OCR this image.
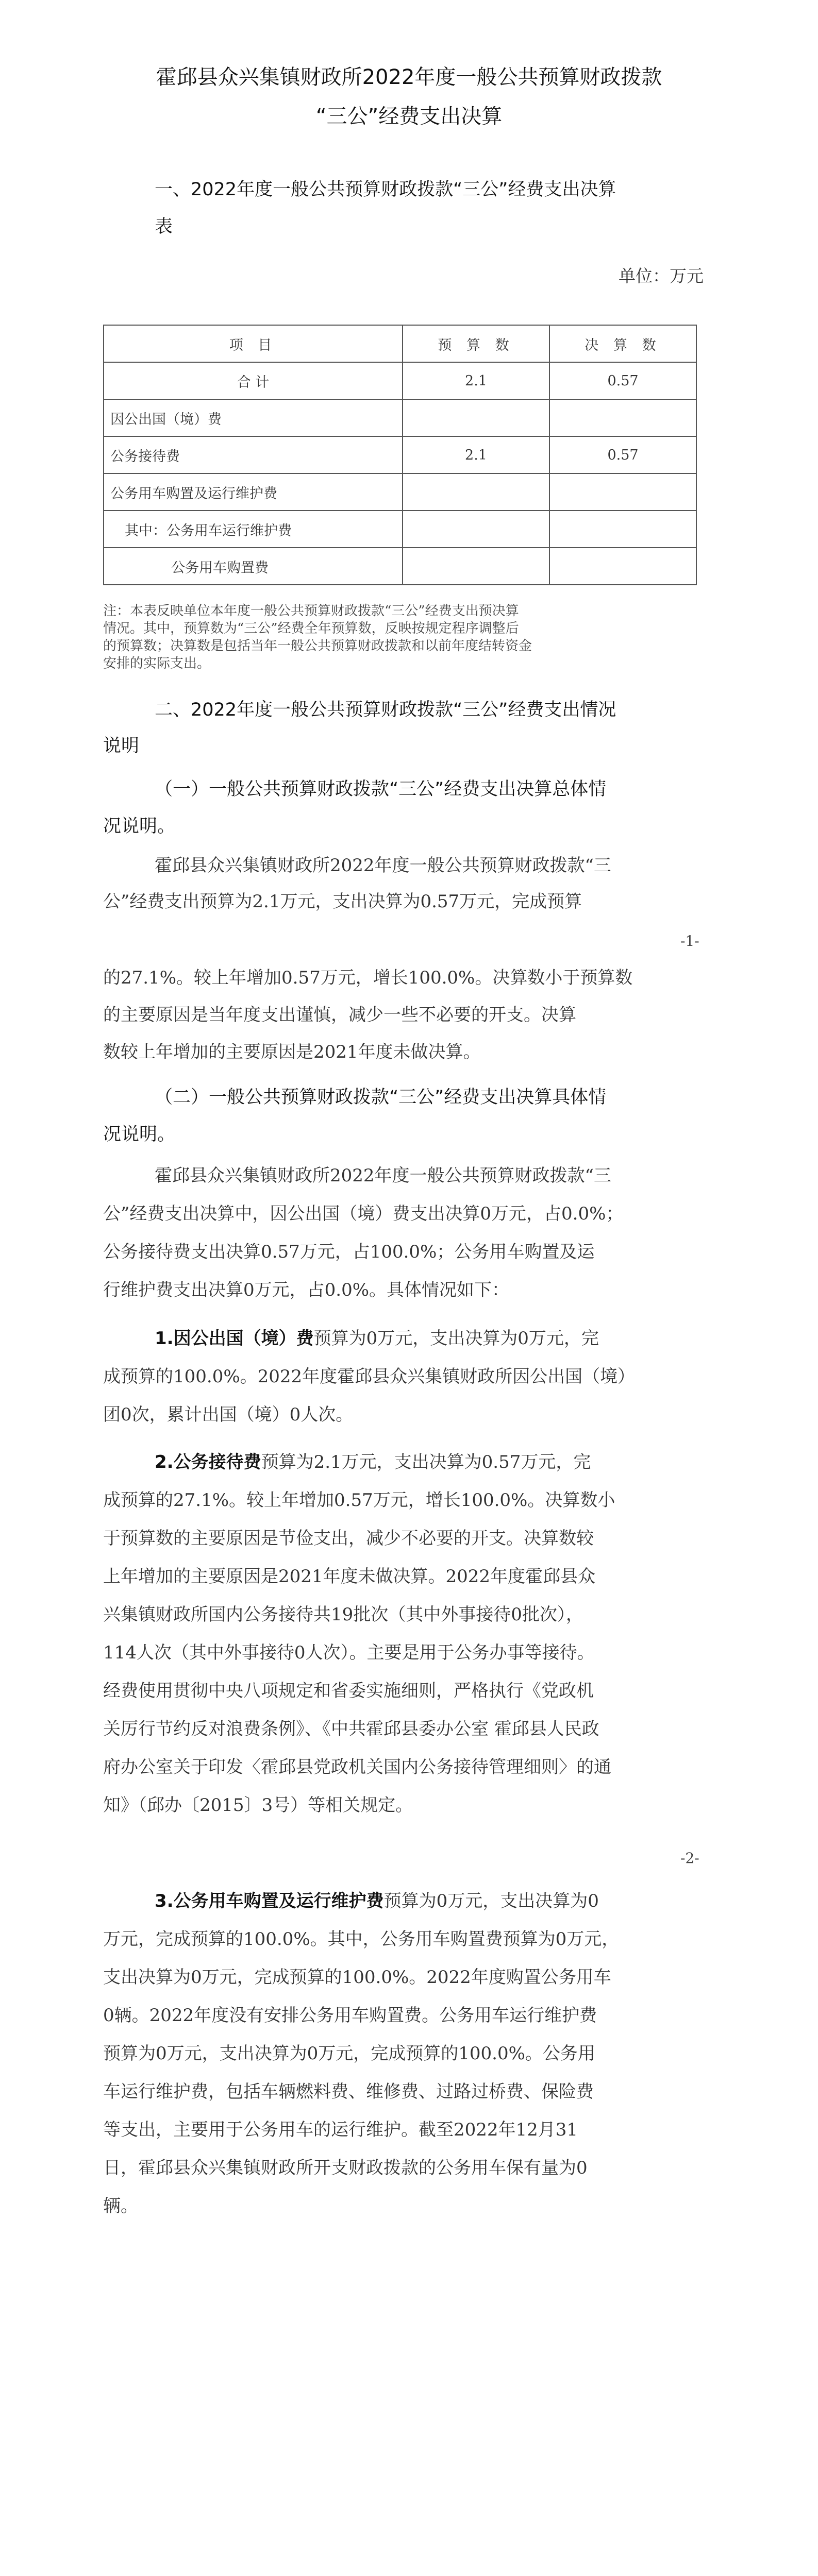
霍邱县众兴集镇财政所2022年度一般公共预算财政拨款
“三公”经费支出决算
一、2022年度一般公共预算财政拨款“三公”经费支出决算
表
单位：万元
项 目	预 算 数	决 算 数
合 计	2.1	0.57
因公出国（境）费		
公务接待费	2.1	0.57
公务用车购置及运行维护费		
其中：公务用车运行维护费		
公务用车购置费		
注：本表反映单位本年度一般公共预算财政拨款“三公”经费支出预决算
情况。其中，预算数为“三公”经费全年预算数，反映按规定程序调整后
的预算数；决算数是包括当年一般公共预算财政拨款和以前年度结转资金
安排的实际支出。
二、2022年度一般公共预算财政拨款“三公”经费支出情况
说明
（一）一般公共预算财政拨款“三公”经费支出决算总体情
况说明。
霍邱县众兴集镇财政所2022年度一般公共预算财政拨款“三
公”经费支出预算为2.1万元，支出决算为0.57万元，完成预算
-1-
的27.1%。较上年增加0.57万元，增长100.0%。决算数小于预算数
的主要原因是当年度支出谨慎，减少一些不必要的开支。决算
数较上年增加的主要原因是2021年度未做决算。
（二）一般公共预算财政拨款“三公”经费支出决算具体情
况说明。
霍邱县众兴集镇财政所2022年度一般公共预算财政拨款“三
公”经费支出决算中，因公出国（境）费支出决算0万元，占0.0%；
公务接待费支出决算0.57万元，占100.0%；公务用车购置及运
行维护费支出决算0万元，占0.0%。具体情况如下：
1.因公出国（境）费预算为0万元，支出决算为0万元，完
成预算的100.0%。2022年度霍邱县众兴集镇财政所因公出国（境）
团0次，累计出国（境）0人次。
2.公务接待费预算为2.1万元，支出决算为0.57万元，完
成预算的27.1%。较上年增加0.57万元，增长100.0%。决算数小
于预算数的主要原因是节俭支出，减少不必要的开支。决算数较
上年增加的主要原因是2021年度未做决算。2022年度霍邱县众
兴集镇财政所国内公务接待共19批次（其中外事接待0批次），
114人次（其中外事接待0人次）。主要是用于公务办事等接待。
经费使用贯彻中央八项规定和省委实施细则，严格执行《党政机
关厉行节约反对浪费条例》、《中共霍邱县委办公室 霍邱县人民政
府办公室关于印发〈霍邱县党政机关国内公务接待管理细则〉的通
知》（邱办〔2015〕3号）等相关规定。
-2-
3.公务用车购置及运行维护费预算为0万元，支出决算为0
万元，完成预算的100.0%。其中，公务用车购置费预算为0万元，
支出决算为0万元，完成预算的100.0%。2022年度购置公务用车
0辆。2022年度没有安排公务用车购置费。公务用车运行维护费
预算为0万元，支出决算为0万元，完成预算的100.0%。公务用
车运行维护费，包括车辆燃料费、维修费、过路过桥费、保险费
等支出，主要用于公务用车的运行维护。截至2022年12月31
日，霍邱县众兴集镇财政所开支财政拨款的公务用车保有量为0
辆。
